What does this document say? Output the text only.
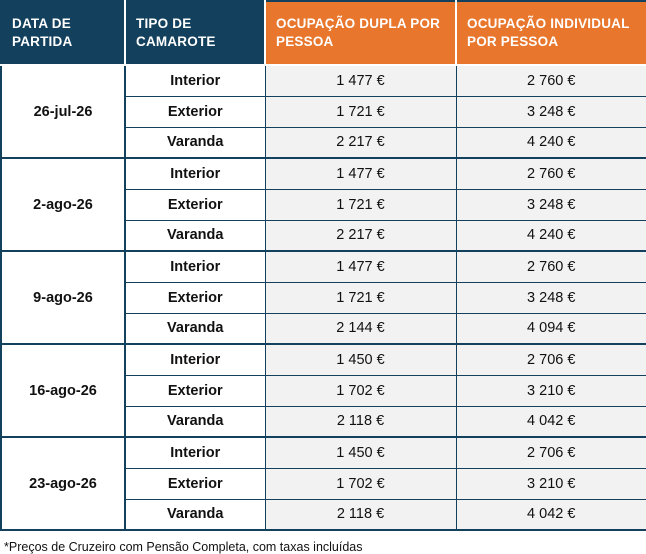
DATA DE PARTIDA	TIPO DE CAMAROTE	OCUPAÇÃO DUPLA POR PESSOA	OCUPAÇÃO INDIVIDUAL POR PESSOA
26-jul-26	Interior	1 477 €	2 760 €
	Exterior	1 721 €	3 248 €
	Varanda	2 217 €	4 240 €
2-ago-26	Interior	1 477 €	2 760 €
	Exterior	1 721 €	3 248 €
	Varanda	2 217 €	4 240 €
9-ago-26	Interior	1 477 €	2 760 €
	Exterior	1 721 €	3 248 €
	Varanda	2 144 €	4 094 €
16-ago-26	Interior	1 450 €	2 706 €
	Exterior	1 702 €	3 210 €
	Varanda	2 118 €	4 042 €
23-ago-26	Interior	1 450 €	2 706 €
	Exterior	1 702 €	3 210 €
	Varanda	2 118 €	4 042 €
*Preços de Cruzeiro com Pensão Completa, com taxas incluídas
